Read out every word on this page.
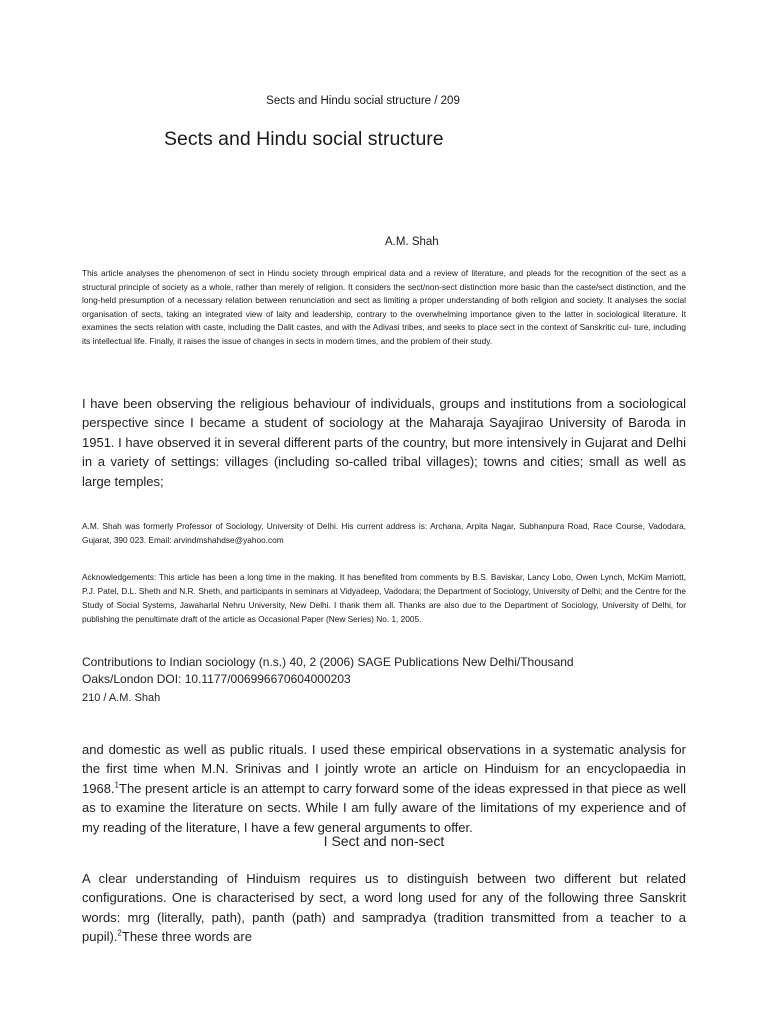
Sects and Hindu social structure / 209
Sects and Hindu social structure
A.M. Shah

This article analyses the phenomenon of sect in Hindu society through empirical data and a review of literature, and pleads for the recognition of the sect as a structural principle of society as a whole, rather than merely of religion. It considers the sect/non-sect distinction more basic than the caste/sect distinction, and the long-held presumption of a necessary relation between renunciation and sect as limiting a proper understanding of both religion and society. It analyses the social organisation of sects, taking an integrated view of laity and leadership, contrary to the overwhelming importance given to the latter in sociological literature. It examines the sects relation with caste, including the Dalit castes, and with the Adivasi tribes, and seeks to place sect in the context of Sanskritic cul- ture, including its intellectual life. Finally, it raises the issue of changes in sects in modern times, and the problem of their study.

I have been observing the religious behaviour of individuals, groups and institutions from a sociological perspective since I became a student of sociology at the Maharaja Sayajirao University of Baroda in 1951. I have observed it in several different parts of the country, but more intensively in Gujarat and Delhi in a variety of settings: villages (including so-called tribal villages); towns and cities; small as well as large temples;

A.M. Shah was formerly Professor of Sociology, University of Delhi. His current address is: Archana, Arpita Nagar, Subhanpura Road, Race Course, Vadodara, Gujarat, 390 023. Email: arvindmshahdse@yahoo.com

Acknowledgements: This article has been a long time in the making. It has benefited from comments by B.S. Baviskar, Lancy Lobo, Owen Lynch, McKim Marriott, P.J. Patel, D.L. Sheth and N.R. Sheth, and participants in seminars at Vidyadeep, Vadodara; the Department of Sociology, University of Delhi; and the Centre for the Study of Social Systems, Jawaharlal Nehru University, New Delhi. I thank them all. Thanks are also due to the Department of Sociology, University of Delhi, for publishing the penultimate draft of the article as Occasional Paper (New Series) No. 1, 2005.

Contributions to Indian sociology (n.s.) 40, 2 (2006) SAGE Publications New Delhi/Thousand Oaks/London DOI: 10.1177/006996670604000203

210 / A.M. Shah

and domestic as well as public rituals. I used these empirical observations in a systematic analysis for the first time when M.N. Srinivas and I jointly wrote an article on Hinduism for an encyclopaedia in 1968.$^1$The present article is an attempt to carry forward some of the ideas expressed in that piece as well as to examine the literature on sects. While I am fully aware of the limitations of my experience and of my reading of the literature, I have a few general arguments to offer.

I Sect and non-sect

A clear understanding of Hinduism requires us to distinguish between two different but related configurations. One is characterised by sect, a word long used for any of the following three Sanskrit words: mrg (literally, path), panth (path) and sampradya (tradition transmitted from a teacher to a pupil).$^2$These three words are
